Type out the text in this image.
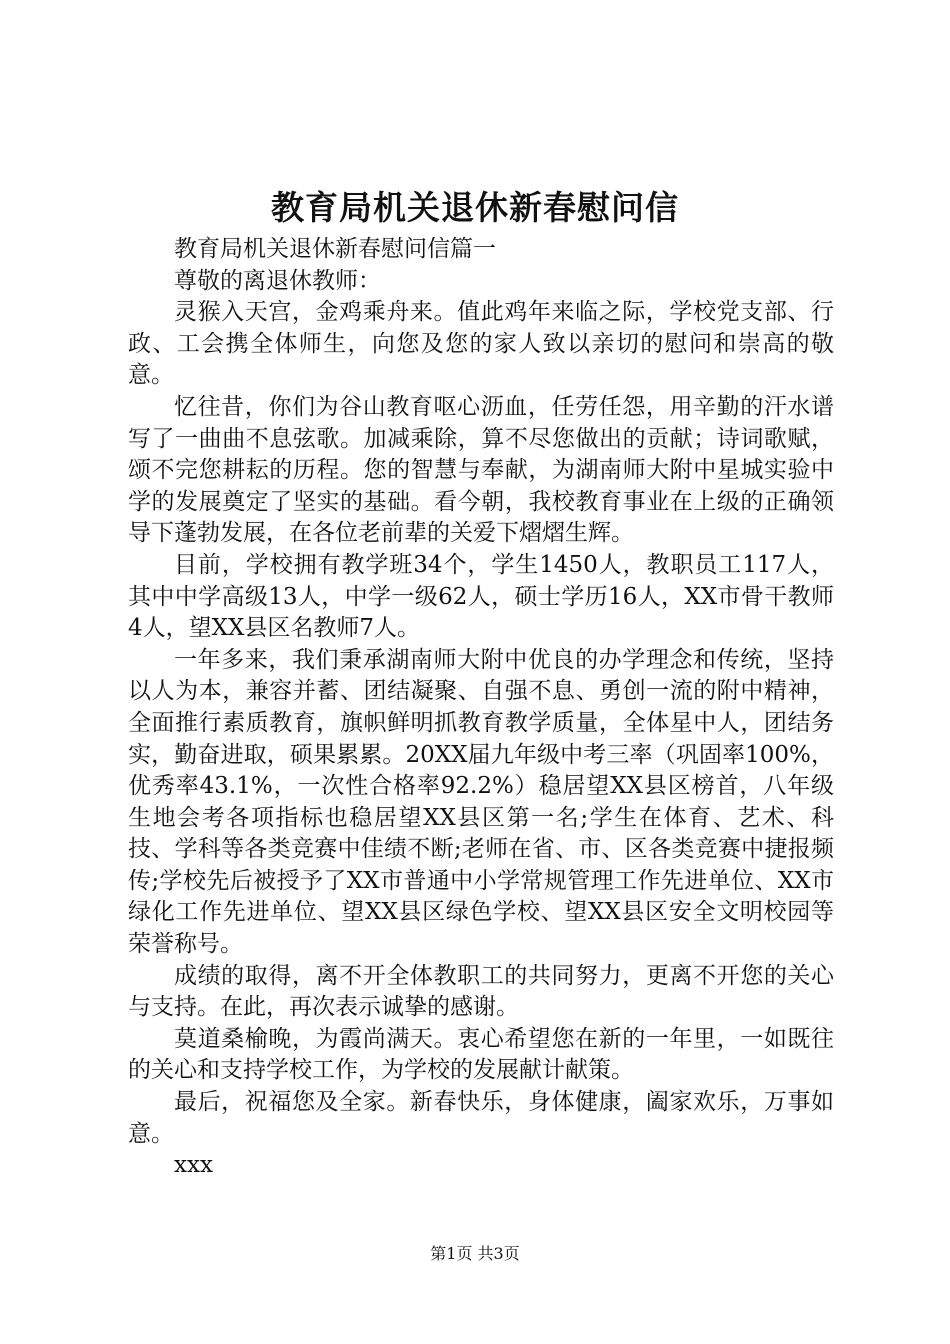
教育局机关退休新春慰问信

教育局机关退休新春慰问信篇一

尊敬的离退休教师：

灵猴入天宫，金鸡乘舟来。值此鸡年来临之际，学校党支部、行政、工会携全体师生，向您及您的家人致以亲切的慰问和崇高的敬意。

忆往昔，你们为谷山教育呕心沥血，任劳任怨，用辛勤的汗水谱写了一曲曲不息弦歌。加减乘除，算不尽您做出的贡献；诗词歌赋，颂不完您耕耘的历程。您的智慧与奉献，为湖南师大附中星城实验中学的发展奠定了坚实的基础。看今朝，我校教育事业在上级的正确领导下蓬勃发展，在各位老前辈的关爱下熠熠生辉。

目前，学校拥有教学班34个，学生1450人，教职员工117人，其中中学高级13人，中学一级62人，硕士学历16人，XX市骨干教师4人，望XX县区名教师7人。

一年多来，我们秉承湖南师大附中优良的办学理念和传统，坚持以人为本，兼容并蓄、团结凝聚、自强不息、勇创一流的附中精神，全面推行素质教育，旗帜鲜明抓教育教学质量，全体星中人，团结务实，勤奋进取，硕果累累。20XX届九年级中考三率（巩固率100%，优秀率43.1%，一次性合格率92.2%）稳居望XX县区榜首，八年级生地会考各项指标也稳居望XX县区第一名;学生在体育、艺术、科技、学科等各类竞赛中佳绩不断;老师在省、市、区各类竞赛中捷报频传;学校先后被授予了XX市普通中小学常规管理工作先进单位、XX市绿化工作先进单位、望XX县区绿色学校、望XX县区安全文明校园等荣誉称号。

成绩的取得，离不开全体教职工的共同努力，更离不开您的关心与支持。在此，再次表示诚挚的感谢。

莫道桑榆晚，为霞尚满天。衷心希望您在新的一年里，一如既往的关心和支持学校工作，为学校的发展献计献策。

最后，祝福您及全家。新春快乐，身体健康，阖家欢乐，万事如意。

xxx

第1页 共3页
